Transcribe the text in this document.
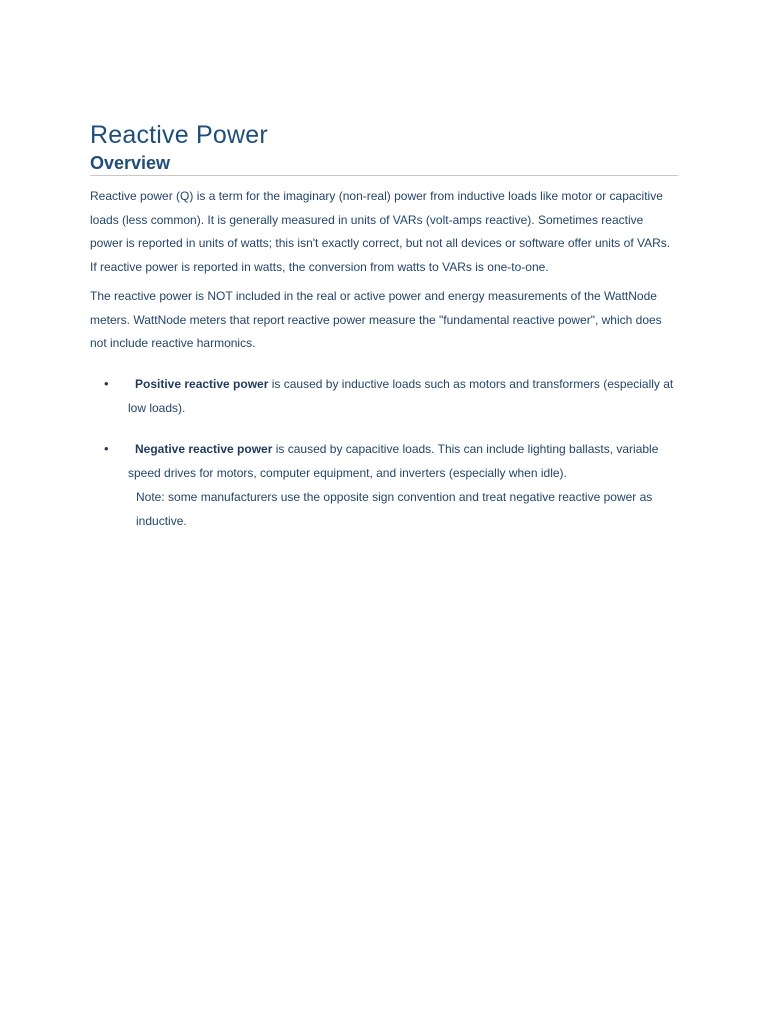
Reactive Power
Overview

Reactive power (Q) is a term for the imaginary (non-real) power from inductive loads like motor or capacitive loads (less common). It is generally measured in units of VARs (volt-amps reactive). Sometimes reactive power is reported in units of watts; this isn't exactly correct, but not all devices or software offer units of VARs. If reactive power is reported in watts, the conversion from watts to VARs is one-to-one.

The reactive power is NOT included in the real or active power and energy measurements of the WattNode meters. WattNode meters that report reactive power measure the "fundamental reactive power", which does not include reactive harmonics.

•	Positive reactive power is caused by inductive loads such as motors and transformers (especially at low loads).
•	Negative reactive power is caused by capacitive loads. This can include lighting ballasts, variable speed drives for motors, computer equipment, and inverters (especially when idle).
Note: some manufacturers use the opposite sign convention and treat negative reactive power as inductive.
